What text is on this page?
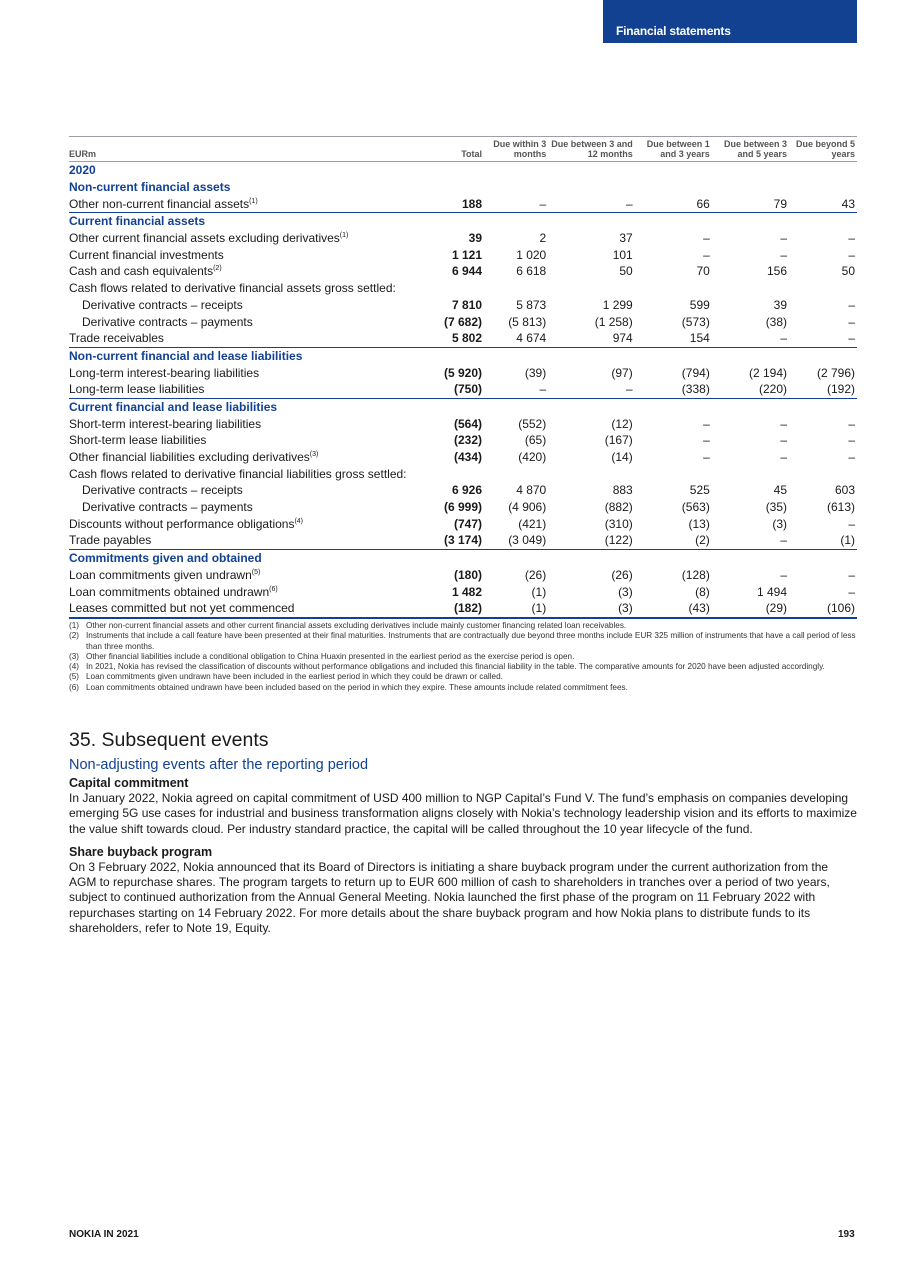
Financial statements
EURm	Total	Due within 3 months	Due between 3 and 12 months	Due between 1 and 3 years	Due between 3 and 5 years	Due beyond 5 years
2020						
Non-current financial assets						
Other non-current financial assets$^{(1)}$	188	–	–	66	79	43
Current financial assets						
Other current financial assets excluding derivatives$^{(1)}$	39	2	37	–	–	–
Current financial investments	1 121	1 020	101	–	–	–
Cash and cash equivalents$^{(2)}$	6 944	6 618	50	70	156	50
Cash flows related to derivative financial assets gross settled:						
Derivative contracts – receipts	7 810	5 873	1 299	599	39	–
Derivative contracts – payments	(7 682)	(5 813)	(1 258)	(573)	(38)	–
Trade receivables	5 802	4 674	974	154	–	–
Non-current financial and lease liabilities						
Long-term interest-bearing liabilities	(5 920)	(39)	(97)	(794)	(2 194)	(2 796)
Long-term lease liabilities	(750)	–	–	(338)	(220)	(192)
Current financial and lease liabilities						
Short-term interest-bearing liabilities	(564)	(552)	(12)	–	–	–
Short-term lease liabilities	(232)	(65)	(167)	–	–	–
Other financial liabilities excluding derivatives$^{(3)}$	(434)	(420)	(14)	–	–	–
Cash flows related to derivative financial liabilities gross settled:						
Derivative contracts – receipts	6 926	4 870	883	525	45	603
Derivative contracts – payments	(6 999)	(4 906)	(882)	(563)	(35)	(613)
Discounts without performance obligations$^{(4)}$	(747)	(421)	(310)	(13)	(3)	–
Trade payables	(3 174)	(3 049)	(122)	(2)	–	(1)
Commitments given and obtained						
Loan commitments given undrawn$^{(5)}$	(180)	(26)	(26)	(128)	–	–
Loan commitments obtained undrawn$^{(6)}$	1 482	(1)	(3)	(8)	1 494	–
Leases committed but not yet commenced	(182)	(1)	(3)	(43)	(29)	(106)
(1) Other non-current financial assets and other current financial assets excluding derivatives include mainly customer financing related loan receivables.
(2) Instruments that include a call feature have been presented at their final maturities. Instruments that are contractually due beyond three months include EUR 325 million of instruments that have a call period of less than three months.
(3) Other financial liabilities include a conditional obligation to China Huaxin presented in the earliest period as the exercise period is open.
(4) In 2021, Nokia has revised the classification of discounts without performance obligations and included this financial liability in the table. The comparative amounts for 2020 have been adjusted accordingly.
(5) Loan commitments given undrawn have been included in the earliest period in which they could be drawn or called.
(6) Loan commitments obtained undrawn have been included based on the period in which they expire. These amounts include related commitment fees.
35. Subsequent events
Non-adjusting events after the reporting period
Capital commitment

In January 2022, Nokia agreed on capital commitment of USD 400 million to NGP Capital’s Fund V. The fund’s emphasis on companies developing emerging 5G use cases for industrial and business transformation aligns closely with Nokia’s technology leadership vision and its efforts to maximize the value shift towards cloud. Per industry standard practice, the capital will be called throughout the 10 year lifecycle of the fund.

Share buyback program

On 3 February 2022, Nokia announced that its Board of Directors is initiating a share buyback program under the current authorization from the AGM to repurchase shares. The program targets to return up to EUR 600 million of cash to shareholders in tranches over a period of two years, subject to continued authorization from the Annual General Meeting. Nokia launched the first phase of the program on 11 February 2022 with repurchases starting on 14 February 2022. For more details about the share buyback program and how Nokia plans to distribute funds to its shareholders, refer to Note 19, Equity.

NOKIA IN 2021	193
